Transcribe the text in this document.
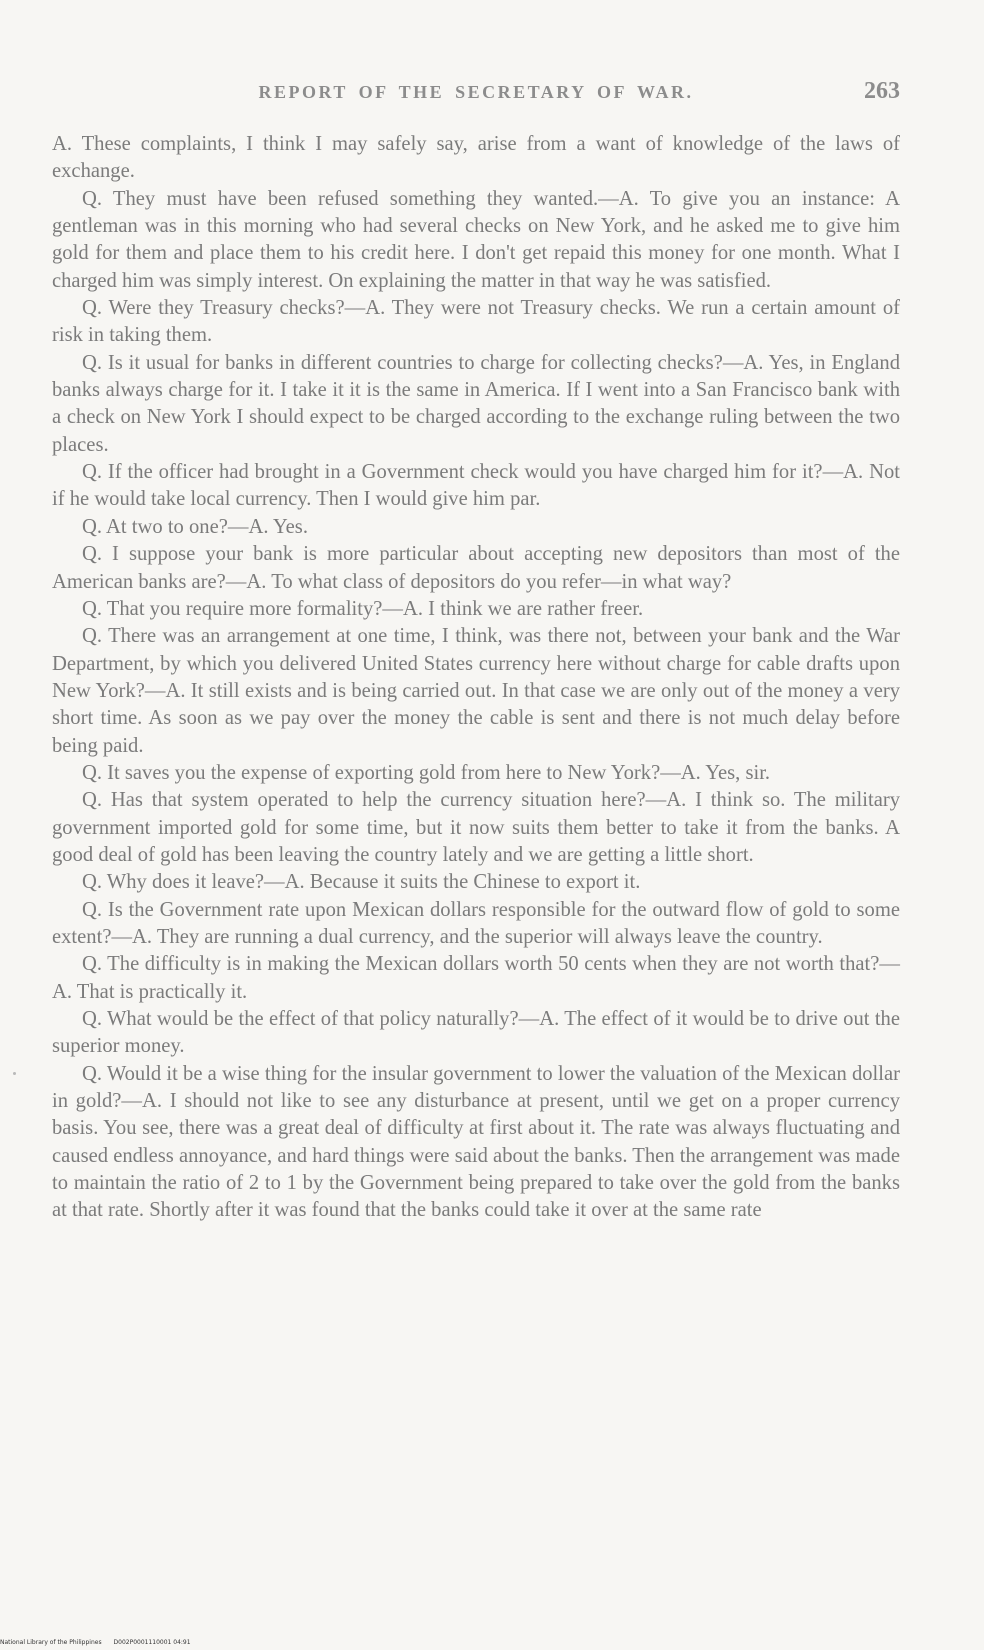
REPORT OF THE SECRETARY OF WAR.	263

A. These complaints, I think I may safely say, arise from a want of knowledge of the laws of exchange.

Q. They must have been refused something they wanted.—A. To give you an instance: A gentleman was in this morning who had several checks on New York, and he asked me to give him gold for them and place them to his credit here. I don't get repaid this money for one month. What I charged him was simply interest. On explaining the matter in that way he was satisfied.

Q. Were they Treasury checks?—A. They were not Treasury checks. We run a certain amount of risk in taking them.

Q. Is it usual for banks in different countries to charge for collecting checks?—A. Yes, in England banks always charge for it. I take it it is the same in America. If I went into a San Francisco bank with a check on New York I should expect to be charged according to the exchange ruling between the two places.

Q. If the officer had brought in a Government check would you have charged him for it?—A. Not if he would take local currency. Then I would give him par.

Q. At two to one?—A. Yes.

Q. I suppose your bank is more particular about accepting new depositors than most of the American banks are?—A. To what class of depositors do you refer—in what way?

Q. That you require more formality?—A. I think we are rather freer.

Q. There was an arrangement at one time, I think, was there not, between your bank and the War Department, by which you delivered United States currency here without charge for cable drafts upon New York?—A. It still exists and is being carried out. In that case we are only out of the money a very short time. As soon as we pay over the money the cable is sent and there is not much delay before being paid.

Q. It saves you the expense of exporting gold from here to New York?—A. Yes, sir.

Q. Has that system operated to help the currency situation here?—A. I think so. The military government imported gold for some time, but it now suits them better to take it from the banks. A good deal of gold has been leaving the country lately and we are getting a little short.

Q. Why does it leave?—A. Because it suits the Chinese to export it.

Q. Is the Government rate upon Mexican dollars responsible for the outward flow of gold to some extent?—A. They are running a dual currency, and the superior will always leave the country.

Q. The difficulty is in making the Mexican dollars worth 50 cents when they are not worth that?—A. That is practically it.

Q. What would be the effect of that policy naturally?—A. The effect of it would be to drive out the superior money.

Q. Would it be a wise thing for the insular government to lower the valuation of the Mexican dollar in gold?—A. I should not like to see any disturbance at present, until we get on a proper currency basis. You see, there was a great deal of difficulty at first about it. The rate was always fluctuating and caused endless annoyance, and hard things were said about the banks. Then the arrangement was made to maintain the ratio of 2 to 1 by the Government being prepared to take over the gold from the banks at that rate. Shortly after it was found that the banks could take it over at the same rate

National Library of the Philippines D002P0001110001 04:91
